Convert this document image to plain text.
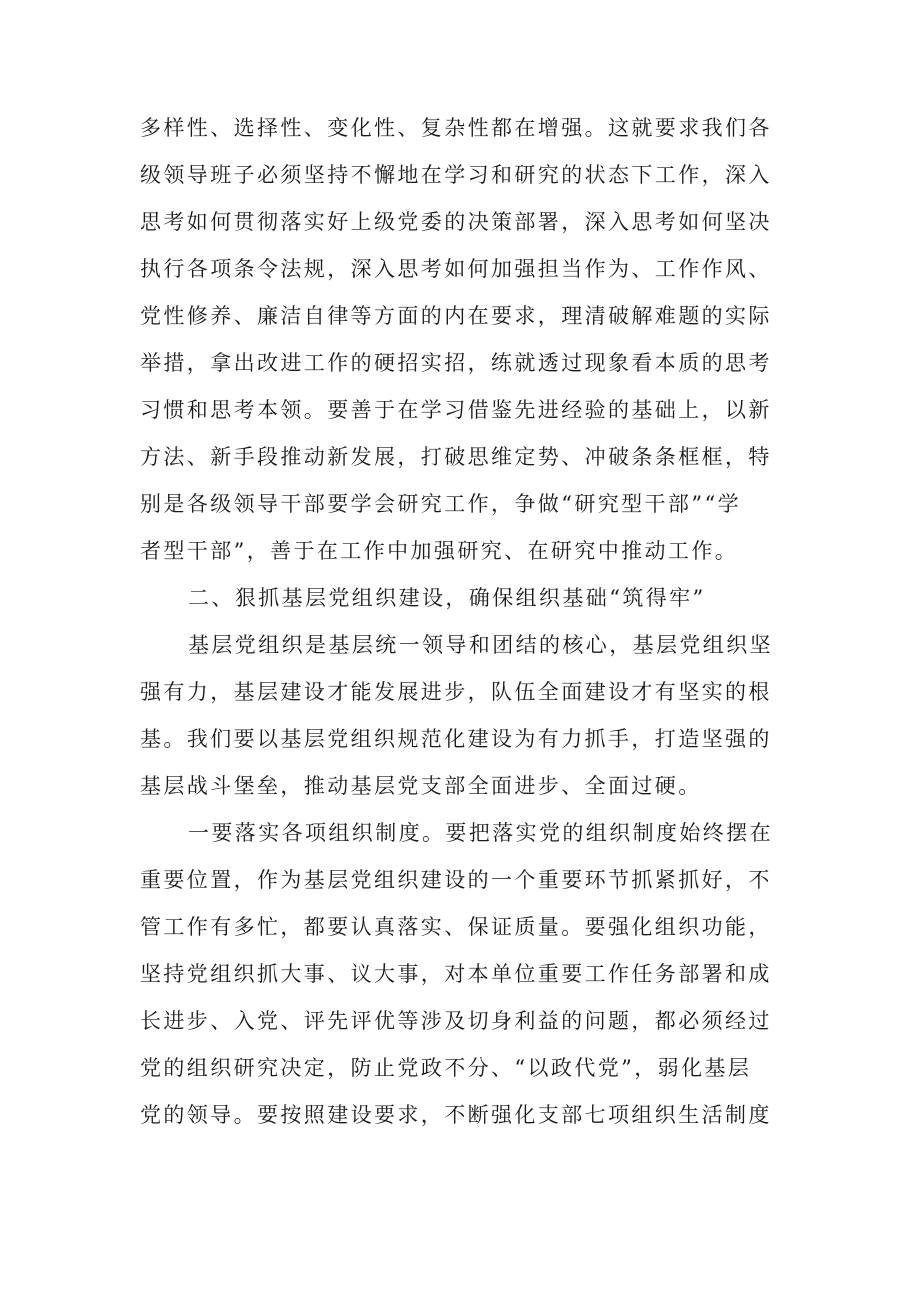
多样性、选择性、变化性、复杂性都在增强。这就要求我们各
级领导班子必须坚持不懈地在学习和研究的状态下工作，深入
思考如何贯彻落实好上级党委的决策部署，深入思考如何坚决
执行各项条令法规，深入思考如何加强担当作为、工作作风、
党性修养、廉洁自律等方面的内在要求，理清破解难题的实际
举措，拿出改进工作的硬招实招，练就透过现象看本质的思考
习惯和思考本领。要善于在学习借鉴先进经验的基础上，以新
方法、新手段推动新发展，打破思维定势、冲破条条框框，特
别是各级领导干部要学会研究工作，争做“研究型干部”“学
者型干部”，善于在工作中加强研究、在研究中推动工作。
二、狠抓基层党组织建设，确保组织基础“筑得牢”
基层党组织是基层统一领导和团结的核心，基层党组织坚
强有力，基层建设才能发展进步，队伍全面建设才有坚实的根
基。我们要以基层党组织规范化建设为有力抓手，打造坚强的
基层战斗堡垒，推动基层党支部全面进步、全面过硬。
一要落实各项组织制度。要把落实党的组织制度始终摆在
重要位置，作为基层党组织建设的一个重要环节抓紧抓好，不
管工作有多忙，都要认真落实、保证质量。要强化组织功能，
坚持党组织抓大事、议大事，对本单位重要工作任务部署和成
长进步、入党、评先评优等涉及切身利益的问题，都必须经过
党的组织研究决定，防止党政不分、“以政代党”，弱化基层
党的领导。要按照建设要求，不断强化支部七项组织生活制度
